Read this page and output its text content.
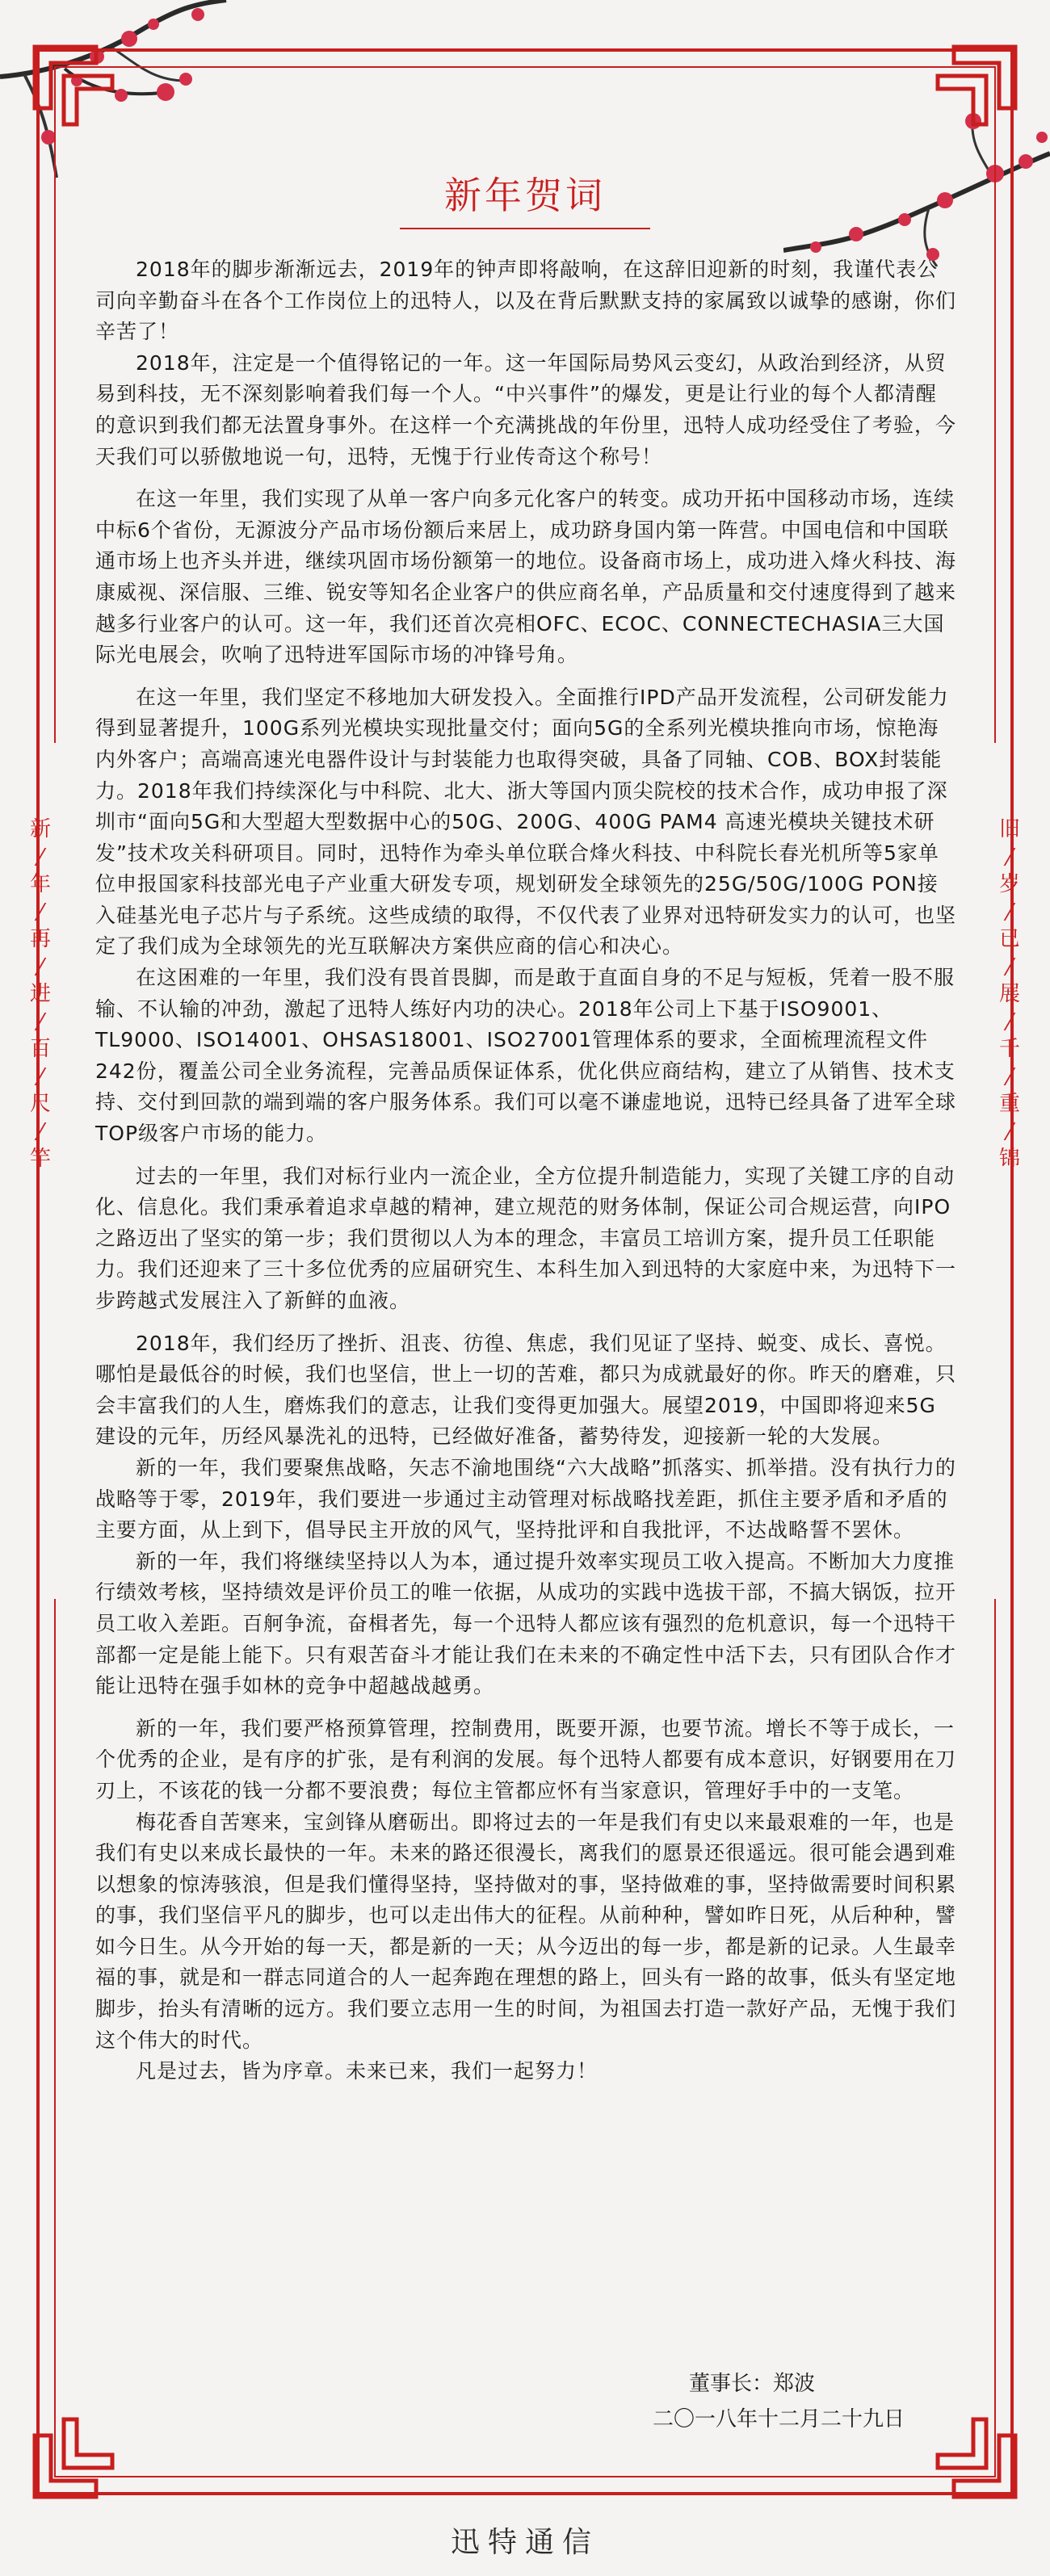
新年贺词
新
年
再
进
百
尺
竿
旧
岁
已
展
千
重
锦

2018年的脚步渐渐远去，2019年的钟声即将敲响，在这辞旧迎新的时刻，我谨代表公司向辛勤奋斗在各个工作岗位上的迅特人，以及在背后默默支持的家属致以诚挚的感谢，你们辛苦了！

2018年，注定是一个值得铭记的一年。这一年国际局势风云变幻，从政治到经济，从贸易到科技，无不深刻影响着我们每一个人。“中兴事件”的爆发，更是让行业的每个人都清醒的意识到我们都无法置身事外。在这样一个充满挑战的年份里，迅特人成功经受住了考验，今天我们可以骄傲地说一句，迅特，无愧于行业传奇这个称号！

在这一年里，我们实现了从单一客户向多元化客户的转变。成功开拓中国移动市场，连续中标6个省份，无源波分产品市场份额后来居上，成功跻身国内第一阵营。中国电信和中国联通市场上也齐头并进，继续巩固市场份额第一的地位。设备商市场上，成功进入烽火科技、海康威视、深信服、三维、锐安等知名企业客户的供应商名单，产品质量和交付速度得到了越来越多行业客户的认可。这一年，我们还首次亮相OFC、ECOC、CONNECTECHASIA三大国际光电展会，吹响了迅特进军国际市场的冲锋号角。

在这一年里，我们坚定不移地加大研发投入。全面推行IPD产品开发流程，公司研发能力得到显著提升，100G系列光模块实现批量交付；面向5G的全系列光模块推向市场，惊艳海内外客户；高端高速光电器件设计与封装能力也取得突破，具备了同轴、COB、BOX封装能力。2018年我们持续深化与中科院、北大、浙大等国内顶尖院校的技术合作，成功申报了深圳市“面向5G和大型超大型数据中心的50G、200G、400G PAM4 高速光模块关键技术研发”技术攻关科研项目。同时，迅特作为牵头单位联合烽火科技、中科院长春光机所等5家单位申报国家科技部光电子产业重大研发专项，规划研发全球领先的25G/50G/100G PON接入硅基光电子芯片与子系统。这些成绩的取得，不仅代表了业界对迅特研发实力的认可，也坚定了我们成为全球领先的光互联解决方案供应商的信心和决心。

在这困难的一年里，我们没有畏首畏脚，而是敢于直面自身的不足与短板，凭着一股不服输、不认输的冲劲，激起了迅特人练好内功的决心。2018年公司上下基于ISO9001、TL9000、ISO14001、OHSAS18001、ISO27001管理体系的要求，全面梳理流程文件242份，覆盖公司全业务流程，完善品质保证体系，优化供应商结构，建立了从销售、技术支持、交付到回款的端到端的客户服务体系。我们可以毫不谦虚地说，迅特已经具备了进军全球TOP级客户市场的能力。

过去的一年里，我们对标行业内一流企业，全方位提升制造能力，实现了关键工序的自动化、信息化。我们秉承着追求卓越的精神，建立规范的财务体制，保证公司合规运营，向IPO之路迈出了坚实的第一步；我们贯彻以人为本的理念，丰富员工培训方案，提升员工任职能力。我们还迎来了三十多位优秀的应届研究生、本科生加入到迅特的大家庭中来，为迅特下一步跨越式发展注入了新鲜的血液。

2018年，我们经历了挫折、沮丧、彷徨、焦虑，我们见证了坚持、蜕变、成长、喜悦。哪怕是最低谷的时候，我们也坚信，世上一切的苦难，都只为成就最好的你。昨天的磨难，只会丰富我们的人生，磨炼我们的意志，让我们变得更加强大。展望2019，中国即将迎来5G建设的元年，历经风暴洗礼的迅特，已经做好准备，蓄势待发，迎接新一轮的大发展。

新的一年，我们要聚焦战略，矢志不渝地围绕“六大战略”抓落实、抓举措。没有执行力的战略等于零，2019年，我们要进一步通过主动管理对标战略找差距，抓住主要矛盾和矛盾的主要方面，从上到下，倡导民主开放的风气，坚持批评和自我批评，不达战略誓不罢休。

新的一年，我们将继续坚持以人为本，通过提升效率实现员工收入提高。不断加大力度推行绩效考核，坚持绩效是评价员工的唯一依据，从成功的实践中选拔干部，不搞大锅饭，拉开员工收入差距。百舸争流，奋楫者先，每一个迅特人都应该有强烈的危机意识，每一个迅特干部都一定是能上能下。只有艰苦奋斗才能让我们在未来的不确定性中活下去，只有团队合作才能让迅特在强手如林的竞争中超越战越勇。

新的一年，我们要严格预算管理，控制费用，既要开源，也要节流。增长不等于成长，一个优秀的企业，是有序的扩张，是有利润的发展。每个迅特人都要有成本意识，好钢要用在刀刃上，不该花的钱一分都不要浪费；每位主管都应怀有当家意识，管理好手中的一支笔。

梅花香自苦寒来，宝剑锋从磨砺出。即将过去的一年是我们有史以来最艰难的一年，也是我们有史以来成长最快的一年。未来的路还很漫长，离我们的愿景还很遥远。很可能会遇到难以想象的惊涛骇浪，但是我们懂得坚持，坚持做对的事，坚持做难的事，坚持做需要时间积累的事，我们坚信平凡的脚步，也可以走出伟大的征程。从前种种，譬如昨日死，从后种种，譬如今日生。从今开始的每一天，都是新的一天；从今迈出的每一步，都是新的记录。人生最幸福的事，就是和一群志同道合的人一起奔跑在理想的路上，回头有一路的故事，低头有坚定地脚步，抬头有清晰的远方。我们要立志用一生的时间，为祖国去打造一款好产品，无愧于我们这个伟大的时代。

凡是过去，皆为序章。未来已来，我们一起努力！

董事长：郑波
二〇一八年十二月二十九日
迅特通信
